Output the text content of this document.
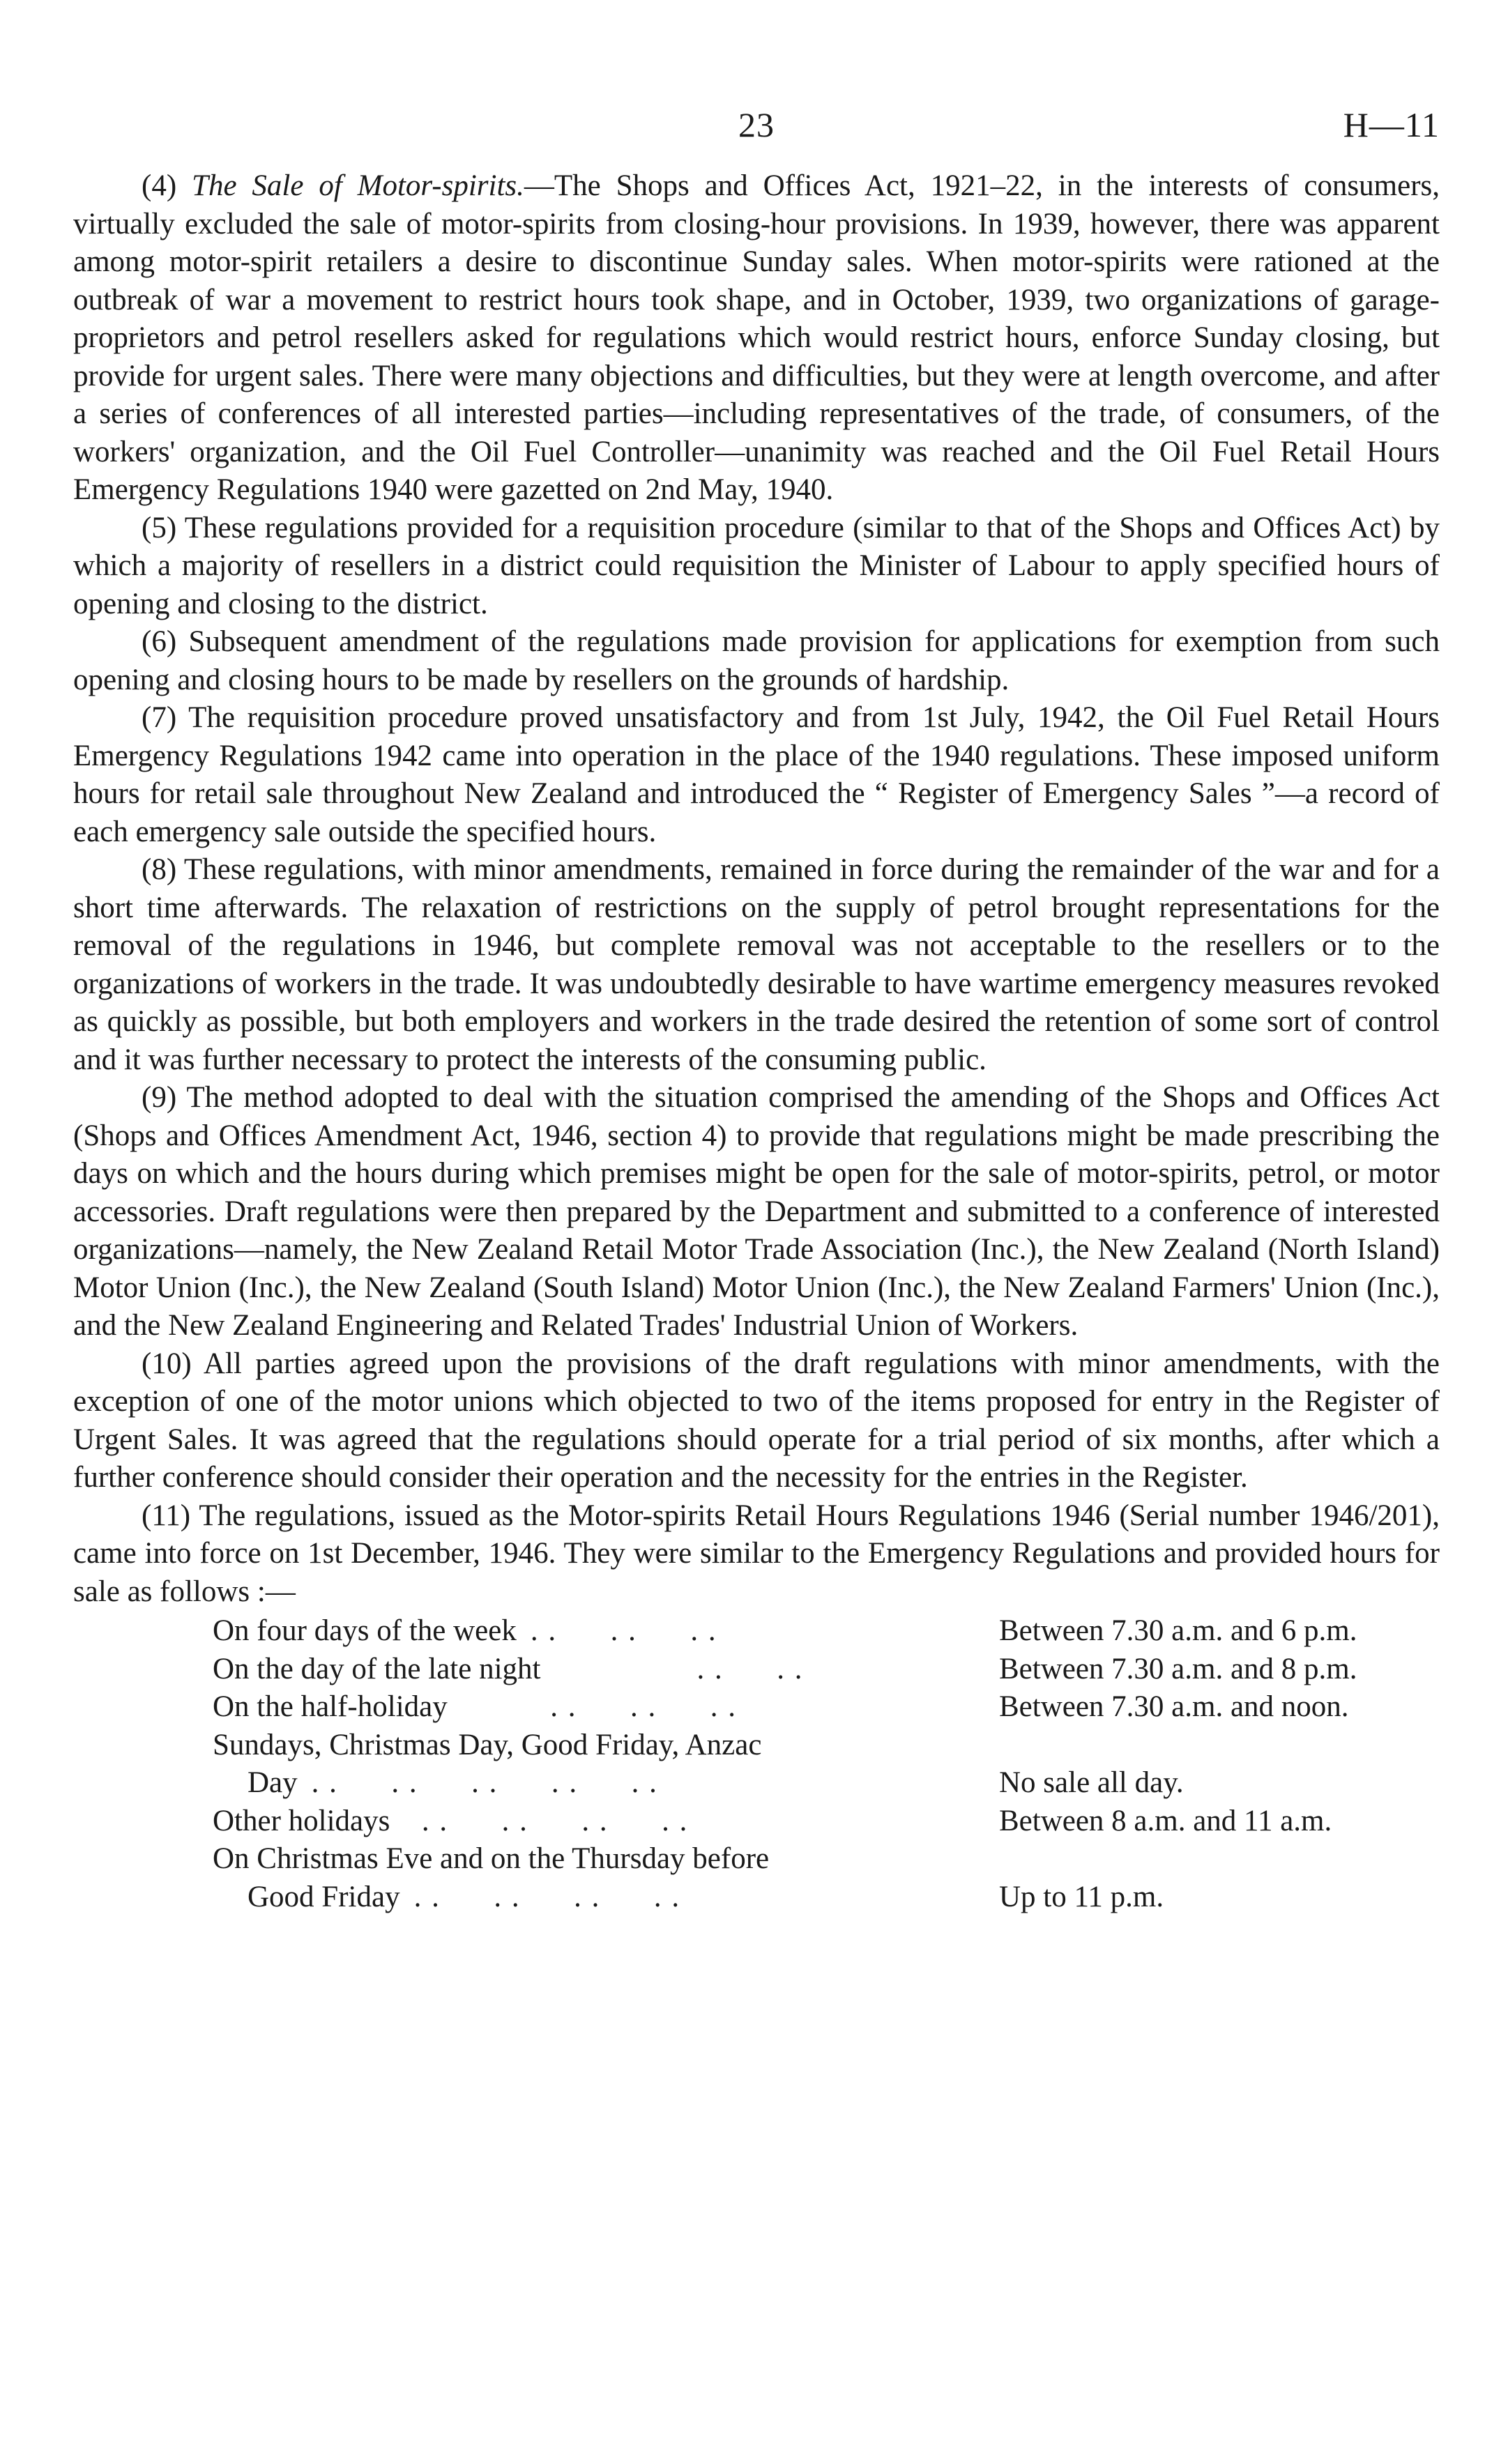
23	H—11

(4) The Sale of Motor-spirits.—The Shops and Offices Act, 1921–22, in the interests of consumers, virtually excluded the sale of motor-spirits from closing-hour provisions. In 1939, however, there was apparent among motor-spirit retailers a desire to discontinue Sunday sales. When motor-spirits were rationed at the outbreak of war a movement to restrict hours took shape, and in October, 1939, two organizations of garage-proprietors and petrol resellers asked for regulations which would restrict hours, enforce Sunday closing, but provide for urgent sales. There were many objections and difficulties, but they were at length overcome, and after a series of conferences of all interested parties—including representatives of the trade, of consumers, of the workers' organization, and the Oil Fuel Controller—unanimity was reached and the Oil Fuel Retail Hours Emergency Regulations 1940 were gazetted on 2nd May, 1940.

(5) These regulations provided for a requisition procedure (similar to that of the Shops and Offices Act) by which a majority of resellers in a district could requisition the Minister of Labour to apply specified hours of opening and closing to the district.

(6) Subsequent amendment of the regulations made provision for applications for exemption from such opening and closing hours to be made by resellers on the grounds of hardship.

(7) The requisition procedure proved unsatisfactory and from 1st July, 1942, the Oil Fuel Retail Hours Emergency Regulations 1942 came into operation in the place of the 1940 regulations. These imposed uniform hours for retail sale throughout New Zealand and introduced the “ Register of Emergency Sales ”—a record of each emergency sale outside the specified hours.

(8) These regulations, with minor amendments, remained in force during the remainder of the war and for a short time afterwards. The relaxation of restrictions on the supply of petrol brought representations for the removal of the regulations in 1946, but complete removal was not acceptable to the resellers or to the organizations of workers in the trade. It was undoubtedly desirable to have wartime emergency measures revoked as quickly as possible, but both employers and workers in the trade desired the retention of some sort of control and it was further necessary to protect the interests of the consuming public.

(9) The method adopted to deal with the situation comprised the amending of the Shops and Offices Act (Shops and Offices Amendment Act, 1946, section 4) to provide that regulations might be made prescribing the days on which and the hours during which premises might be open for the sale of motor-spirits, petrol, or motor accessories. Draft regulations were then prepared by the Department and submitted to a conference of interested organizations—namely, the New Zealand Retail Motor Trade Association (Inc.), the New Zealand (North Island) Motor Union (Inc.), the New Zealand (South Island) Motor Union (Inc.), the New Zealand Farmers' Union (Inc.), and the New Zealand Engineering and Related Trades' Industrial Union of Workers.

(10) All parties agreed upon the provisions of the draft regulations with minor amendments, with the exception of one of the motor unions which objected to two of the items proposed for entry in the Register of Urgent Sales. It was agreed that the regulations should operate for a trial period of six months, after which a further conference should consider their operation and the necessity for the entries in the Register.

(11) The regulations, issued as the Motor-spirits Retail Hours Regulations 1946 (Serial number 1946/201), came into force on 1st December, 1946. They were similar to the Emergency Regulations and provided hours for sale as follows :—

On four days of the week . .      . .      . .	Between 7.30 a.m. and 6 p.m.
On the day of the late night . .      . .	Between 7.30 a.m. and 8 p.m.
On the half-holiday . .      . .      . .	Between 7.30 a.m. and noon.
Sundays, Christmas Day, Good Friday, Anzac
Day . .      . .      . .      . .      . .	No sale all day.
Other holidays . .      . .      . .      . .	Between 8 a.m. and 11 a.m.
On Christmas Eve and on the Thursday before
Good Friday . .      . .      . .      . .	Up to 11 p.m.
